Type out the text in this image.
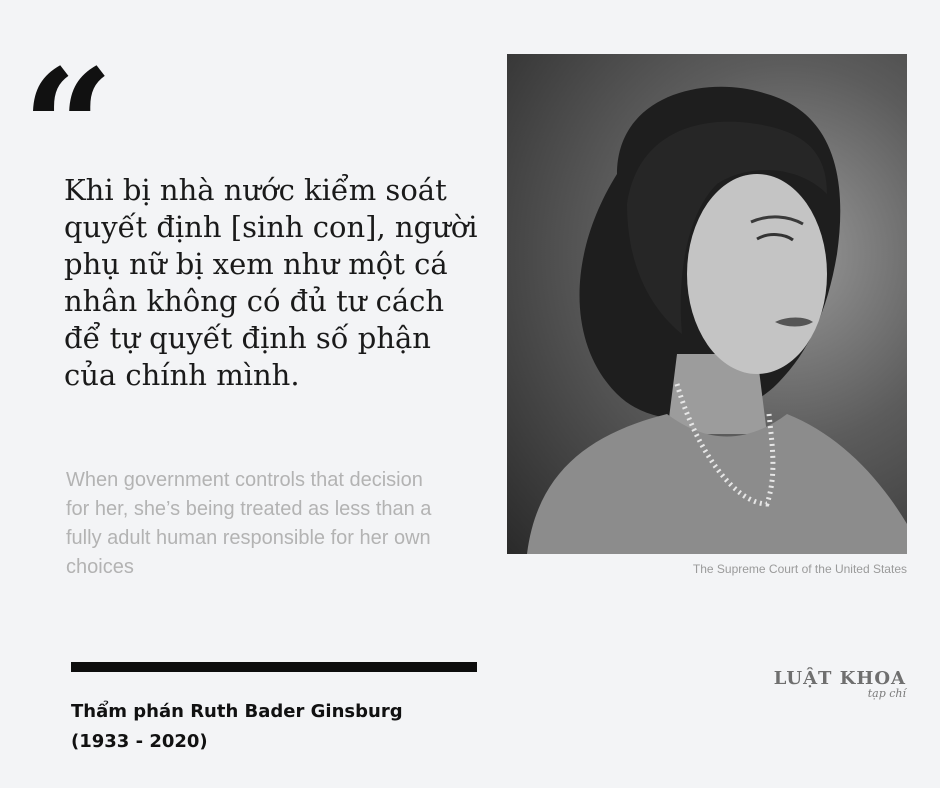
“

Khi bị nhà nước kiểm soát
quyết định [sinh con], người
phụ nữ bị xem như một cá
nhân không có đủ tư cách
để tự quyết định số phận
của chính mình.

When government controls that decision
for her, she’s being treated as less than a
fully adult human responsible for her own
choices

Thẩm phán Ruth Bader Ginsburg
(1933 - 2020)
The Supreme Court of the United States
LUẬT KHOA
tạp chí
